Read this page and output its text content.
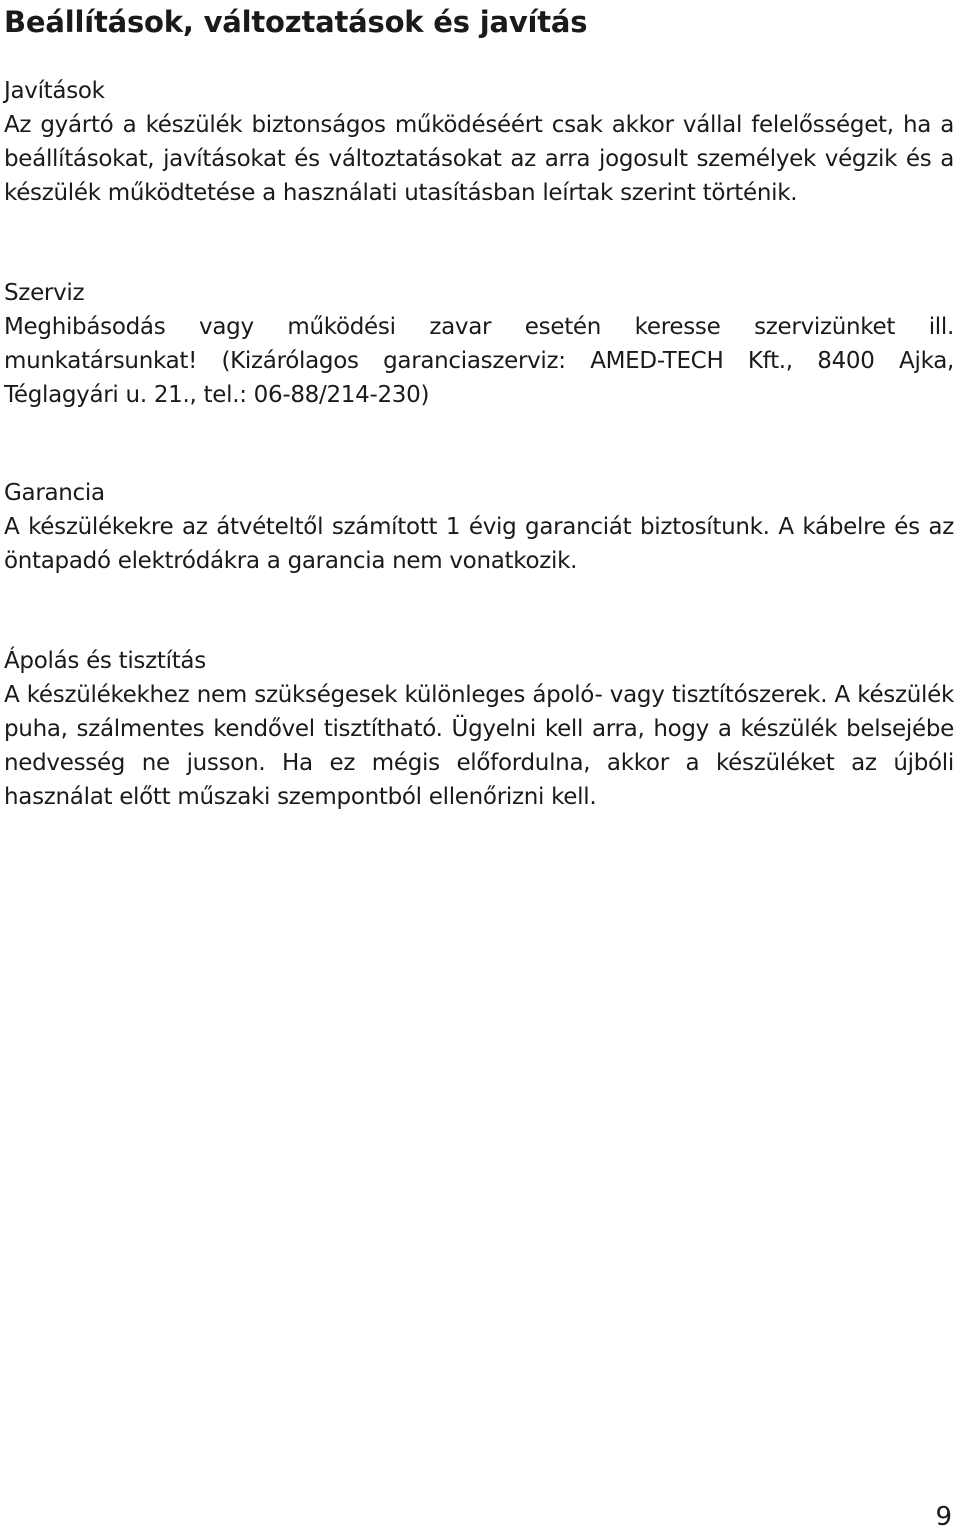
Beállítások, változtatások és javítás
Javítások

Az gyártó a készülék biztonságos működéséért csak akkor vállal felelősséget, ha a beállításokat, javításokat és változtatásokat az arra jogosult személyek végzik és a készülék működtetése a használati utasításban leírtak szerint történik.

Szerviz

Meghibásodás vagy működési zavar esetén keresse szervizünket ill. munkatársunkat! (Kizárólagos garanciaszerviz: AMED-TECH Kft., 8400 Ajka, Téglagyári u. 21., tel.: 06-88/214-230)

Garancia

A készülékekre az átvételtől számított 1 évig garanciát biztosítunk. A kábelre és az öntapadó elektródákra a garancia nem vonatkozik.

Ápolás és tisztítás

A készülékekhez nem szükségesek különleges ápoló- vagy tisztítószerek. A készülék puha, szálmentes kendővel tisztítható. Ügyelni kell arra, hogy a készülék belsejébe nedvesség ne jusson. Ha ez mégis előfordulna, akkor a készüléket az újbóli használat előtt műszaki szempontból ellenőrizni kell.

9
